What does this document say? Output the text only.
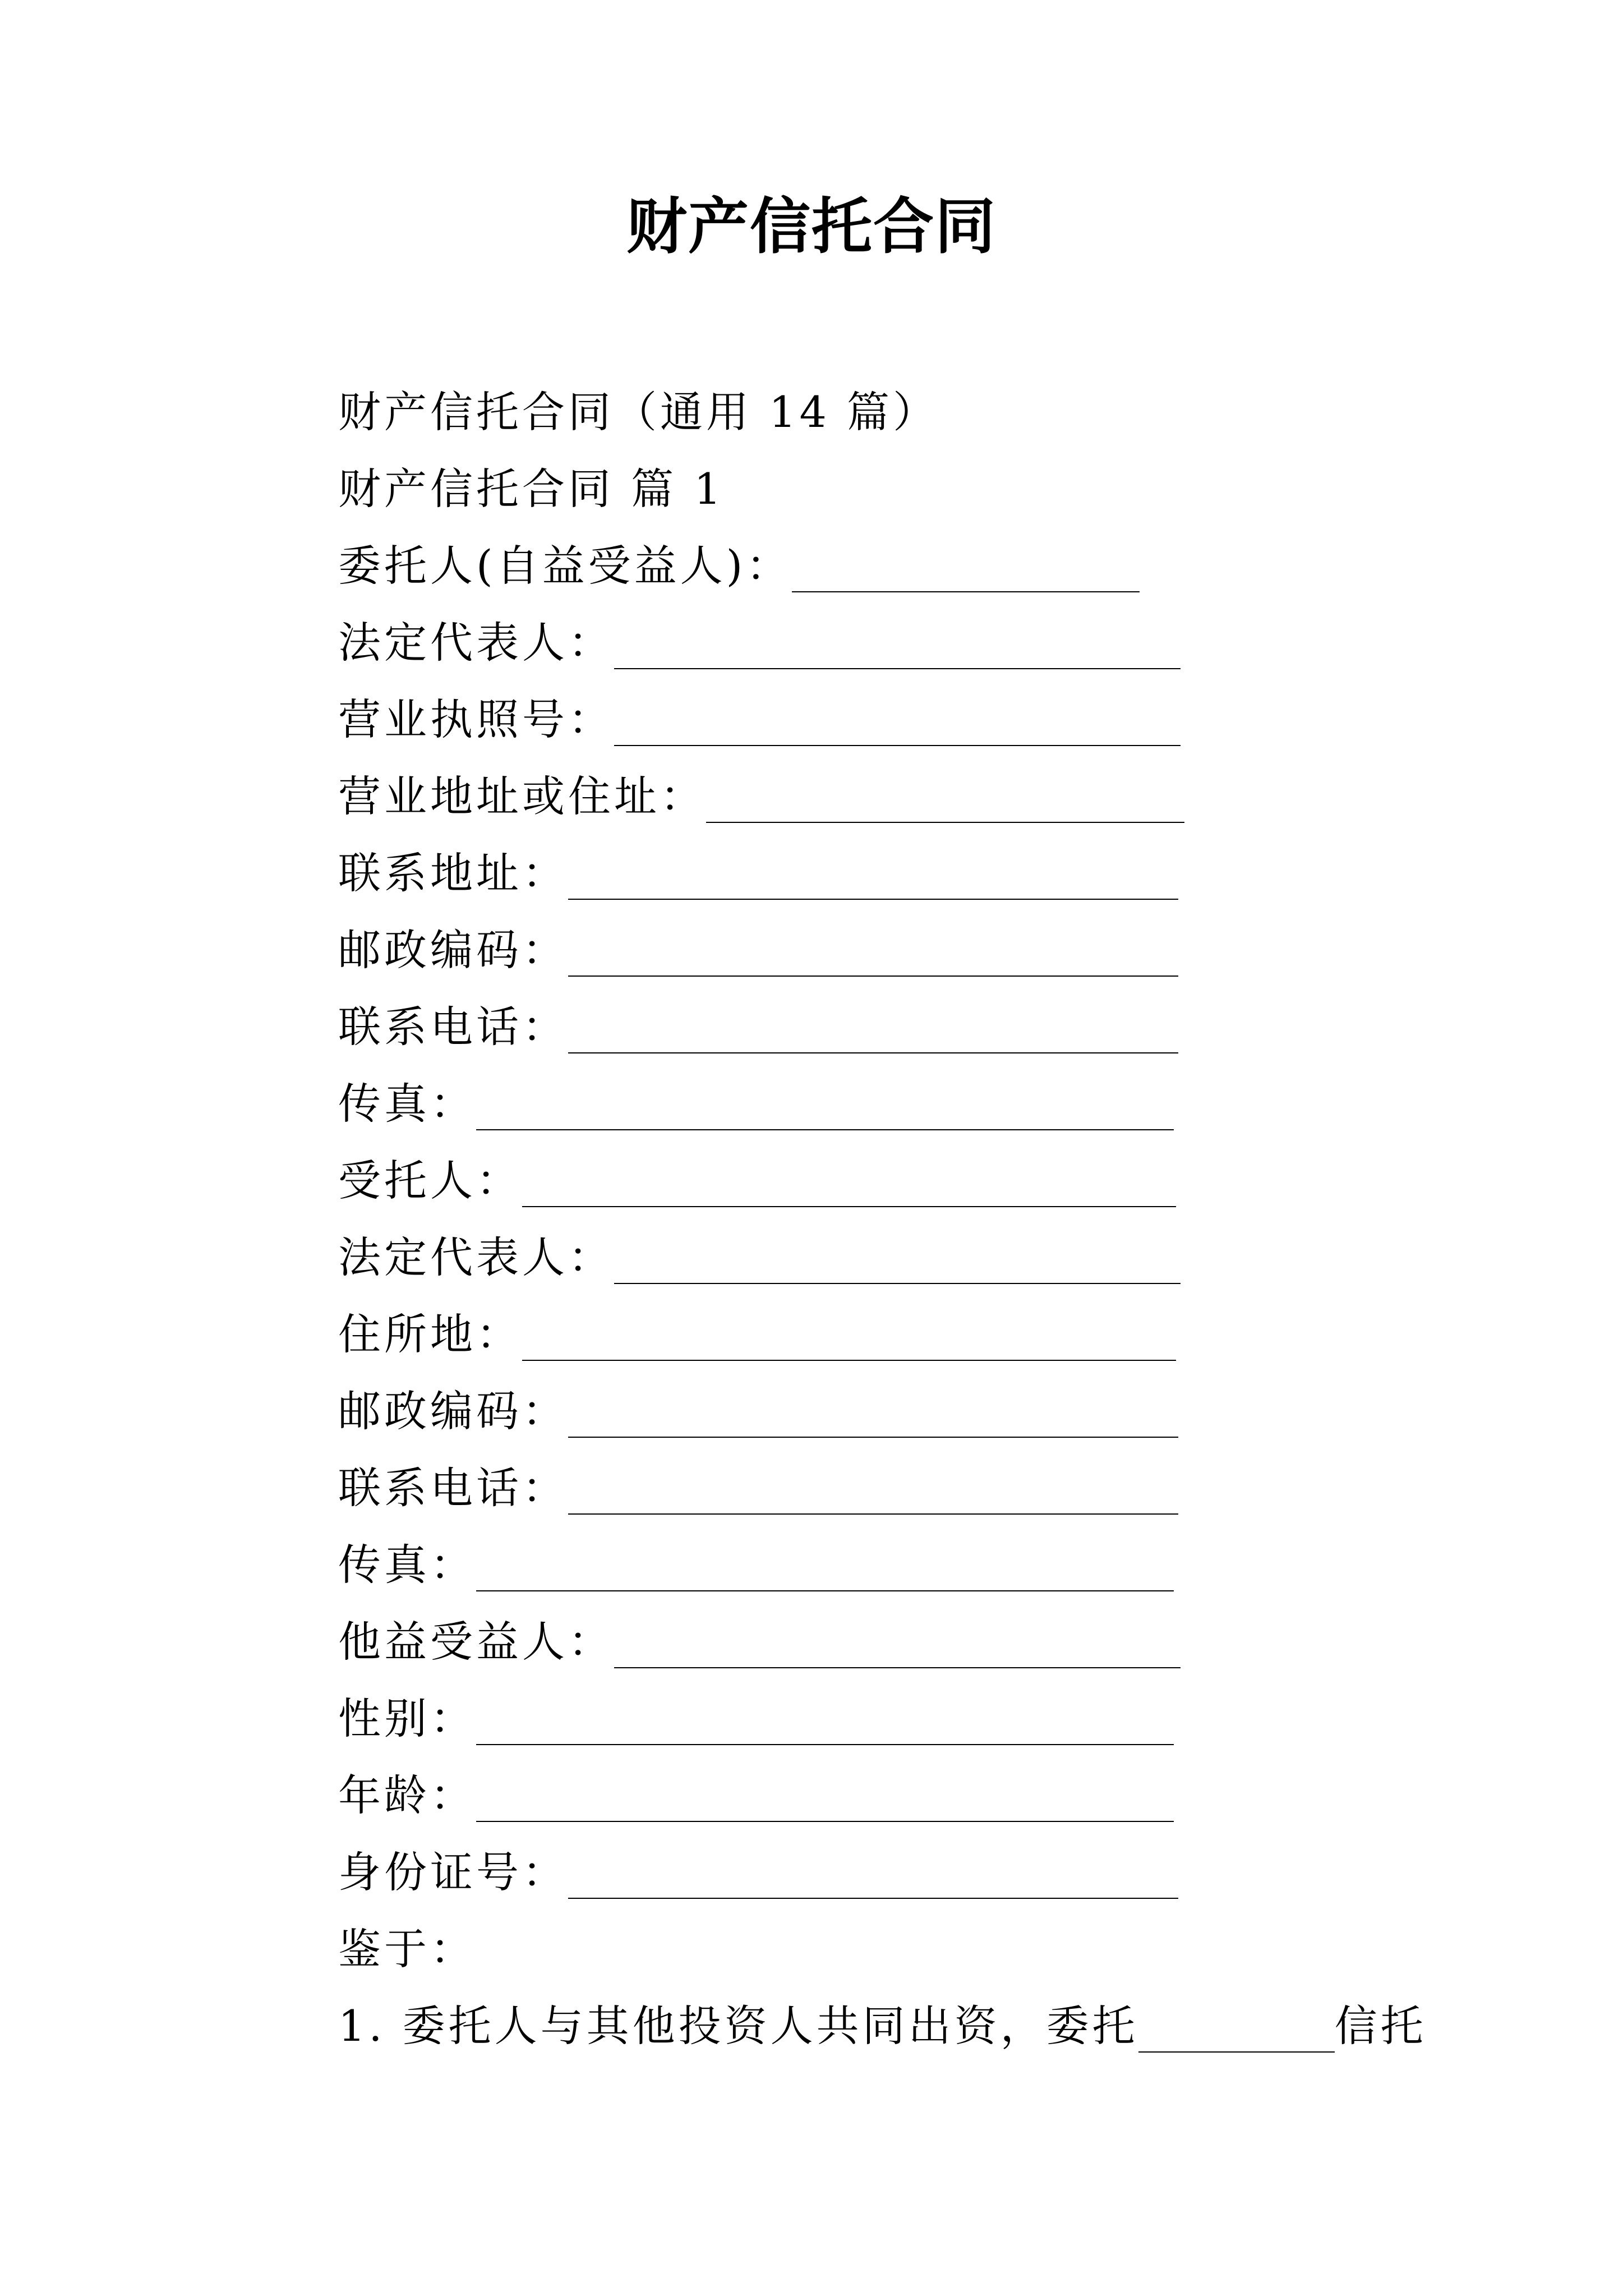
财产信托合同
财产信托合同（通用 14 篇）
财产信托合同 篇 1
委托人(自益受益人)：
法定代表人：
营业执照号：
营业地址或住址：
联系地址：
邮政编码：
联系电话：
传真：
受托人：
法定代表人：
住所地：
邮政编码：
联系电话：
传真：
他益受益人：
性别：
年龄：
身份证号：
鉴于：
1. 委托人与其他投资人共同出资，委托	信托
